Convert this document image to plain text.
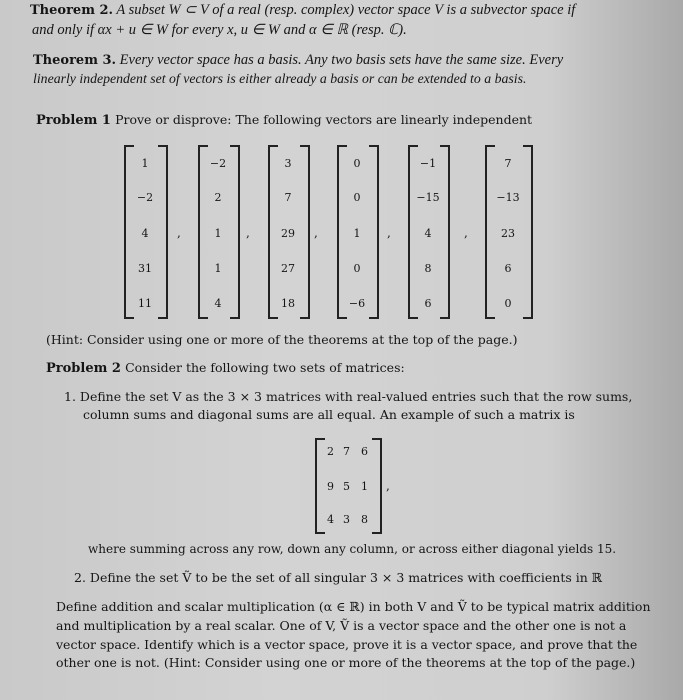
Theorem 2. A subset W ⊂ V of a real (resp. complex) vector space V is a subvector space if
and only if αx + u ∈ W for every x, u ∈ W and α ∈ ℝ (resp. ℂ).
Theorem 3. Every vector space has a basis. Any two basis sets have the same size. Every
linearly independent set of vectors is either already a basis or can be extended to a basis.
Problem 1 Prove or disprove: The following vectors are linearly independent
1
−2
4
31
11
,
−2
2
1
1
4
,
3
7
29
27
18
,
0
0
1
0
−6
,
−1
−15
4
8
6
,
7
−13
23
6
0
(Hint: Consider using one or more of the theorems at the top of the page.)
Problem 2 Consider the following two sets of matrices:
1. Define the set V as the 3 × 3 matrices with real-valued entries such that the row sums,
column sums and diagonal sums are all equal. An example of such a matrix is
2 7 6
9 5 1
4 3 8
,
where summing across any row, down any column, or across either diagonal yields 15.
2. Define the set Ṽ to be the set of all singular 3 × 3 matrices with coefficients in ℝ
Define addition and scalar multiplication (α ∈ ℝ) in both V and Ṽ to be typical matrix addition
and multiplication by a real scalar. One of V, Ṽ is a vector space and the other one is not a
vector space. Identify which is a vector space, prove it is a vector space, and prove that the
other one is not. (Hint: Consider using one or more of the theorems at the top of the page.)
